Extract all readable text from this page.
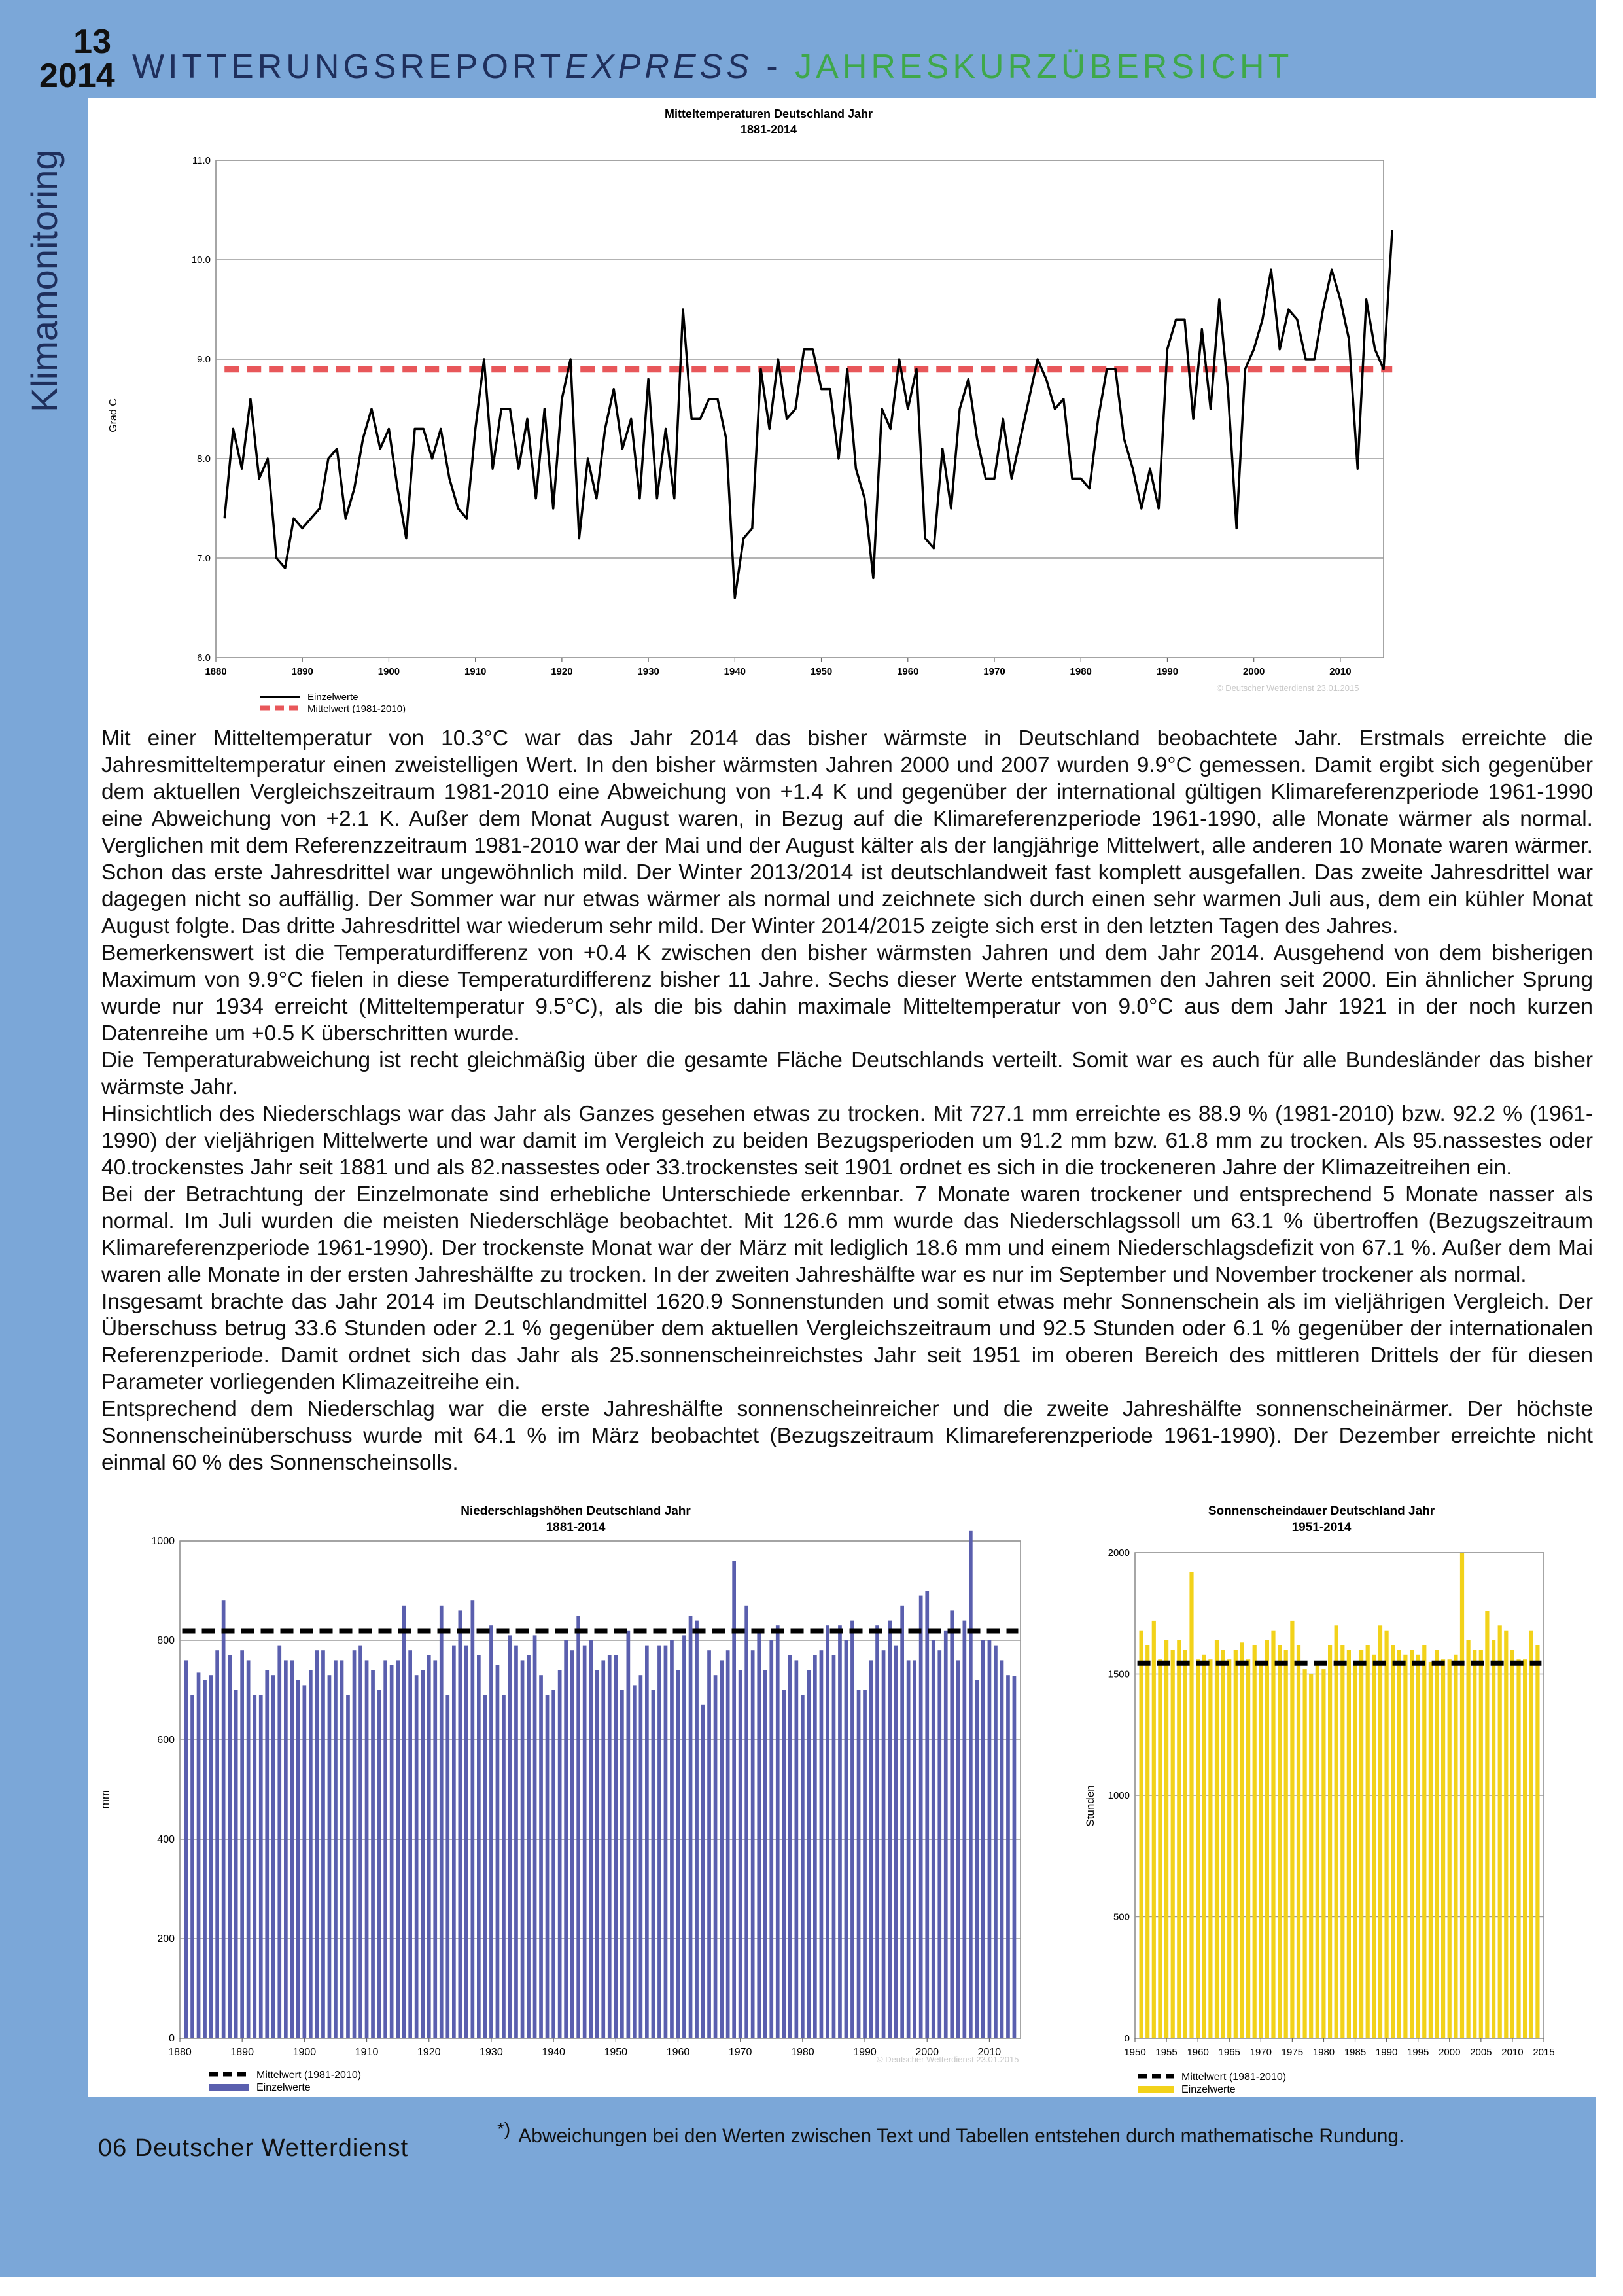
13
2014 WITTERUNGSREPORTEXPRESS - JAHRESKURZÜBERSICHT
Klimamonitoring
Mitteltemperaturen Deutschland Jahr
1881-2014
Grad C
6.0
7.0
8.0
9.0
10.0
11.0
1880	1890	1900	1910	1920	1930	1940	1950	1960	1970	1980	1990	2000	2010
Einzelwerte
Mittelwert (1981-2010)
© Deutscher Wetterdienst 23.01.2015

Mit einer Mitteltemperatur von 10.3°C war das Jahr 2014 das bisher wärmste in Deutschland beobachtete Jahr. Erstmals erreichte die Jahresmitteltemperatur einen zweistelligen Wert. In den bisher wärmsten Jahren 2000 und 2007 wurden 9.9°C gemessen. Damit ergibt sich gegenüber dem aktuellen Vergleichszeitraum 1981-2010 eine Abweichung von +1.4 K und gegenüber der international gültigen Klimareferenzperiode 1961-1990 eine Abweichung von +2.1 K. Außer dem Monat August waren, in Bezug auf die Klimareferenzperiode 1961-1990, alle Monate wärmer als normal. Verglichen mit dem Referenzzeitraum 1981-2010 war der Mai und der August kälter als der langjährige Mittelwert, alle anderen 10 Monate waren wärmer. Schon das erste Jahresdrittel war ungewöhnlich mild. Der Winter 2013/2014 ist deutschlandweit fast komplett ausgefallen. Das zweite Jahresdrittel war dagegen nicht so auffällig. Der Sommer war nur etwas wärmer als normal und zeichnete sich durch einen sehr warmen Juli aus, dem ein kühler Monat August folgte. Das dritte Jahresdrittel war wiederum sehr mild. Der Winter 2014/2015 zeigte sich erst in den letzten Tagen des Jahres.

Bemerkenswert ist die Temperaturdifferenz von +0.4 K zwischen den bisher wärmsten Jahren und dem Jahr 2014. Ausgehend von dem bisherigen Maximum von 9.9°C fielen in diese Temperaturdifferenz bisher 11 Jahre. Sechs dieser Werte entstammen den Jahren seit 2000. Ein ähnlicher Sprung wurde nur 1934 erreicht (Mitteltemperatur 9.5°C), als die bis dahin maximale Mitteltemperatur von 9.0°C aus dem Jahr 1921 in der noch kurzen Datenreihe um +0.5 K überschritten wurde.

Die Temperaturabweichung ist recht gleichmäßig über die gesamte Fläche Deutschlands verteilt. Somit war es auch für alle Bundesländer das bisher wärmste Jahr.

Hinsichtlich des Niederschlags war das Jahr als Ganzes gesehen etwas zu trocken. Mit 727.1 mm erreichte es 88.9 % (1981-2010) bzw. 92.2 % (1961-1990) der vieljährigen Mittelwerte und war damit im Vergleich zu beiden Bezugsperioden um 91.2 mm bzw. 61.8 mm zu trocken. Als 95.nassestes oder 40.trockenstes Jahr seit 1881 und als 82.nassestes oder 33.trockenstes seit 1901 ordnet es sich in die trockeneren Jahre der Klimazeitreihen ein.

Bei der Betrachtung der Einzelmonate sind erhebliche Unterschiede erkennbar. 7 Monate waren trockener und entsprechend 5 Monate nasser als normal. Im Juli wurden die meisten Niederschläge beobachtet. Mit 126.6 mm wurde das Niederschlagssoll um 63.1 % übertroffen (Bezugszeitraum Klimareferenzperiode 1961-1990). Der trockenste Monat war der März mit lediglich 18.6 mm und einem Niederschlagsdefizit von 67.1 %. Außer dem Mai waren alle Monate in der ersten Jahreshälfte zu trocken. In der zweiten Jahreshälfte war es nur im September und November trockener als normal.

Insgesamt brachte das Jahr 2014 im Deutschlandmittel 1620.9 Sonnenstunden und somit etwas mehr Sonnenschein als im vieljährigen Vergleich. Der Überschuss betrug 33.6 Stunden oder 2.1 % gegenüber dem aktuellen Vergleichszeitraum und 92.5 Stunden oder 6.1 % gegenüber der internationalen Referenzperiode. Damit ordnet sich das Jahr als 25.sonnenscheinreichstes Jahr seit 1951 im oberen Bereich des mittleren Drittels der für diesen Parameter vorliegenden Klimazeitreihe ein.

Entsprechend dem Niederschlag war die erste Jahreshälfte sonnenscheinreicher und die zweite Jahreshälfte sonnenscheinärmer. Der höchste Sonnenscheinüberschuss wurde mit 64.1 % im März beobachtet (Bezugszeitraum Klimareferenzperiode 1961-1990). Der Dezember erreichte nicht einmal 60 % des Sonnenscheinsolls.

Niederschlagshöhen Deutschland Jahr
1881-2014
mm
0
200
400
600
800
1000
1880	1890	1900	1910	1920	1930	1940	1950	1960	1970	1980	1990	2000	2010
Mittelwert (1981-2010)
Einzelwerte
© Deutscher Wetterdienst 23.01.2015
Sonnenscheindauer Deutschland Jahr
1951-2014
Stunden
0
500
1000
1500
2000
1950 1955 1960 1965 1970 1975 1980 1985 1990 1995 2000 2005 2010 2015
Mittelwert (1981-2010)
Einzelwerte
06 Deutscher Wetterdienst
*) Abweichungen bei den Werten zwischen Text und Tabellen entstehen durch mathematische Rundung.
